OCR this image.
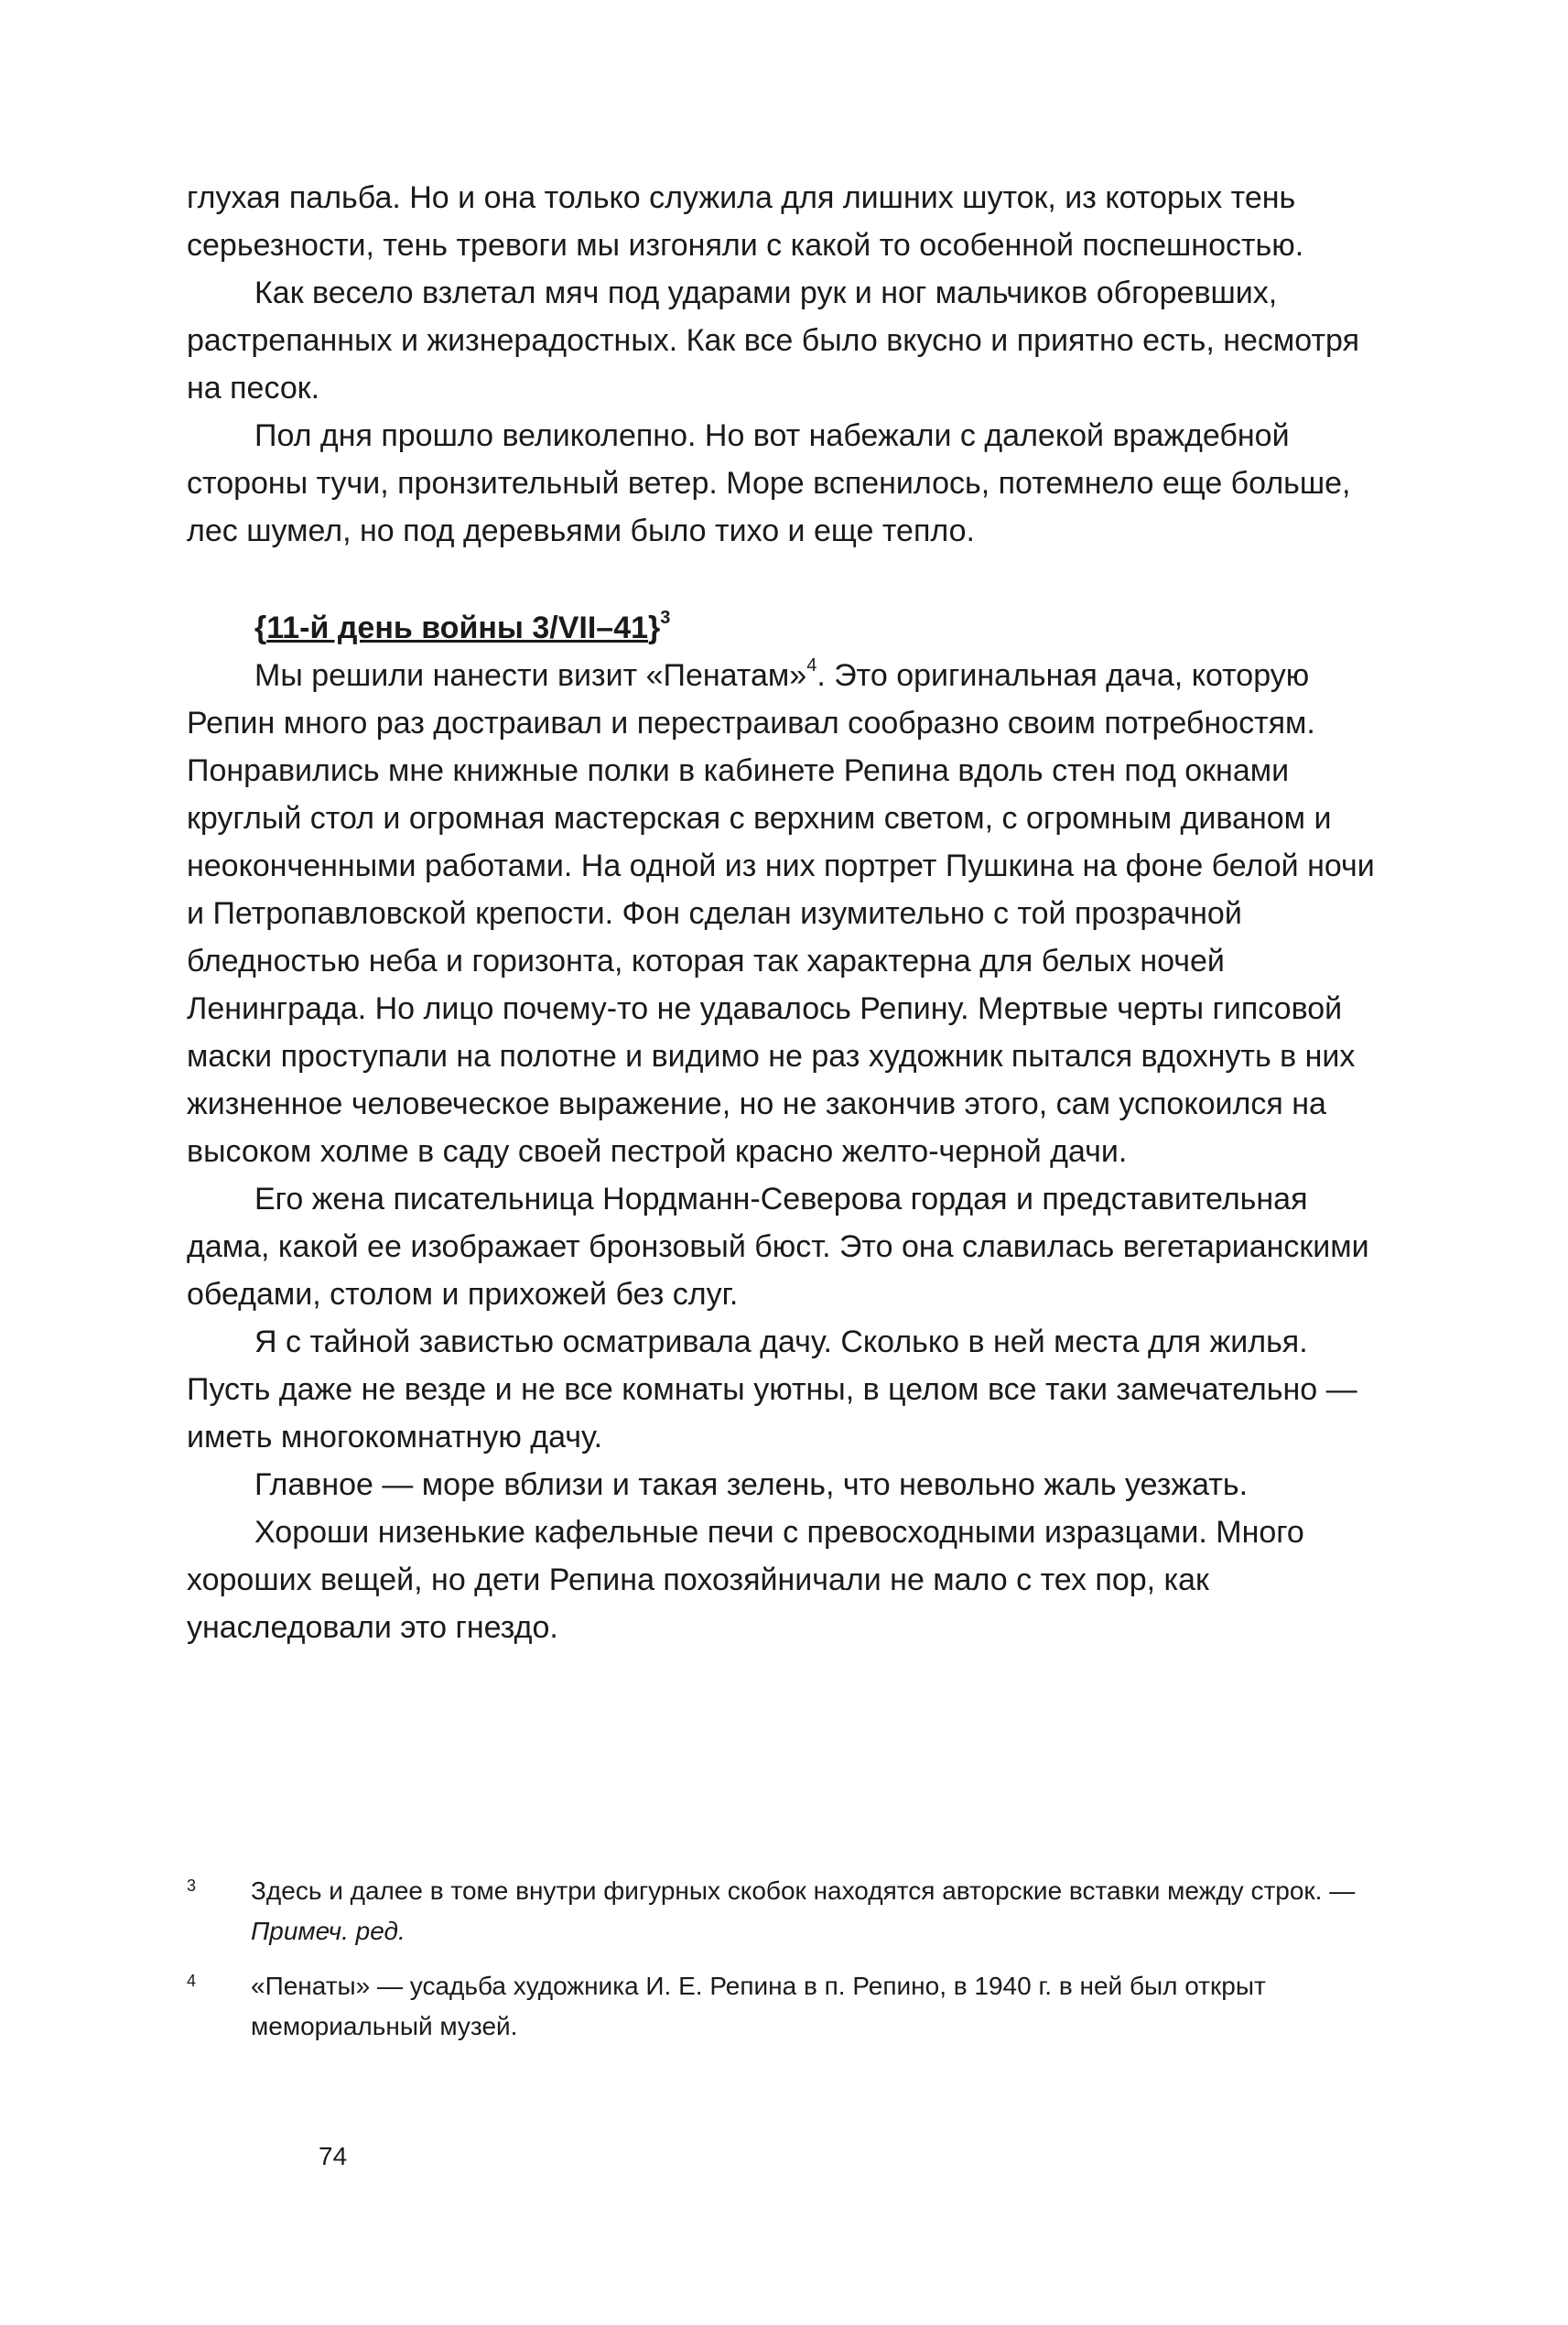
глухая пальба. Но и она только служила для лишних шуток, из которых тень серьезности, тень тревоги мы изгоняли с какой то особенной поспешностью.

Как весело взлетал мяч под ударами рук и ног мальчиков обгоревших, растрепанных и жизнерадостных. Как все было вкусно и приятно есть, несмотря на песок.

Пол дня прошло великолепно. Но вот набежали с далекой враждебной стороны тучи, пронзительный ветер. Море вспенилось, потемнело еще больше, лес шумел, но под деревьями было тихо и еще тепло.

{11-й день войны 3/VII–41}$^3$

Мы решили нанести визит «Пенатам»$^4$. Это оригинальная дача, которую Репин много раз достраивал и перестраивал сообразно своим потребностям. Понравились мне книжные полки в кабинете Репина вдоль стен под окнами круглый стол и огромная мастерская с верхним светом, с огромным диваном и неоконченными работами. На одной из них портрет Пушкина на фоне белой ночи и Петропавловской крепости. Фон сделан изумительно с той прозрачной бледностью неба и горизонта, которая так характерна для белых ночей Ленинграда. Но лицо почему-то не удавалось Репину. Мертвые черты гипсовой маски проступали на полотне и видимо не раз художник пытался вдохнуть в них жизненное человеческое выражение, но не закончив этого, сам успокоился на высоком холме в саду своей пестрой красно желто-черной дачи.

Его жена писательница Нордманн-Северова гордая и представительная дама, какой ее изображает бронзовый бюст. Это она славилась вегетарианскими обедами, столом и прихожей без слуг.

Я с тайной завистью осматривала дачу. Сколько в ней места для жилья. Пусть даже не везде и не все комнаты уютны, в целом все таки замечательно — иметь многокомнатную дачу.

Главное — море вблизи и такая зелень, что невольно жаль уезжать.

Хороши низенькие кафельные печи с превосходными изразцами. Много хороших вещей, но дети Репина похозяйничали не мало с тех пор, как унаследовали это гнездо.

3 Здесь и далее в томе внутри фигурных скобок находятся авторские вставки между строк. — Примеч. ред.
4 «Пенаты» — усадьба художника И. Е. Репина в п. Репино, в 1940 г. в ней был открыт мемориальный музей.
74
